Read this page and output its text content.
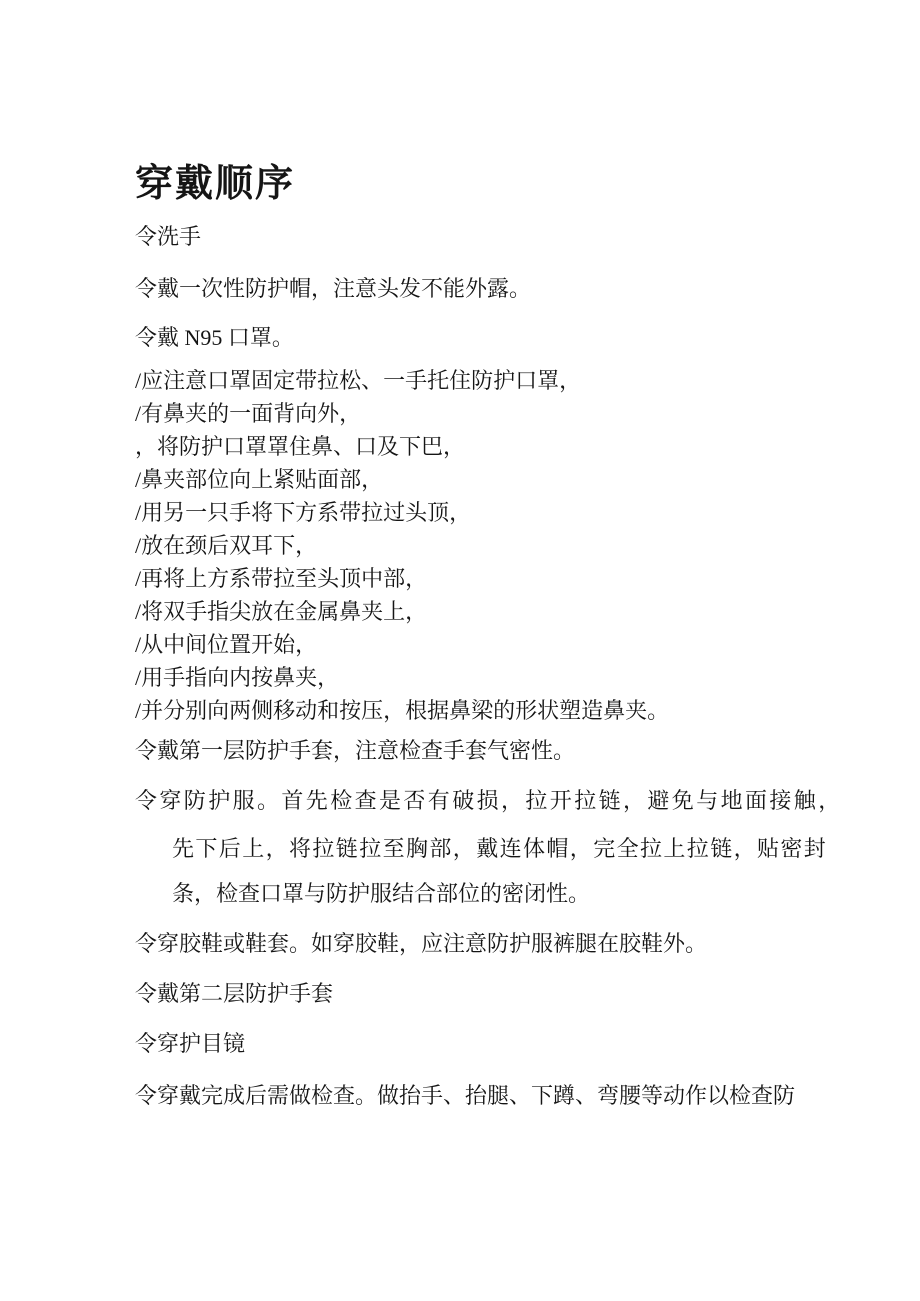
穿戴顺序

令洗手

令戴一次性防护帽，注意头发不能外露。

令戴 N95 口罩。

/应注意口罩固定带拉松、一手托住防护口罩，

/有鼻夹的一面背向外，

，将防护口罩罩住鼻、口及下巴，

/鼻夹部位向上紧贴面部，

/用另一只手将下方系带拉过头顶，

/放在颈后双耳下，

/再将上方系带拉至头顶中部，

/将双手指尖放在金属鼻夹上，

/从中间位置开始，

/用手指向内按鼻夹，

/并分别向两侧移动和按压，根据鼻梁的形状塑造鼻夹。

令戴第一层防护手套，注意检查手套气密性。

令穿防护服。首先检查是否有破损，拉开拉链，避免与地面接触，

先下后上，将拉链拉至胸部，戴连体帽，完全拉上拉链，贴密封

条，检查口罩与防护服结合部位的密闭性。

令穿胶鞋或鞋套。如穿胶鞋，应注意防护服裤腿在胶鞋外。

令戴第二层防护手套

令穿护目镜

令穿戴完成后需做检查。做抬手、抬腿、下蹲、弯腰等动作以检查防
